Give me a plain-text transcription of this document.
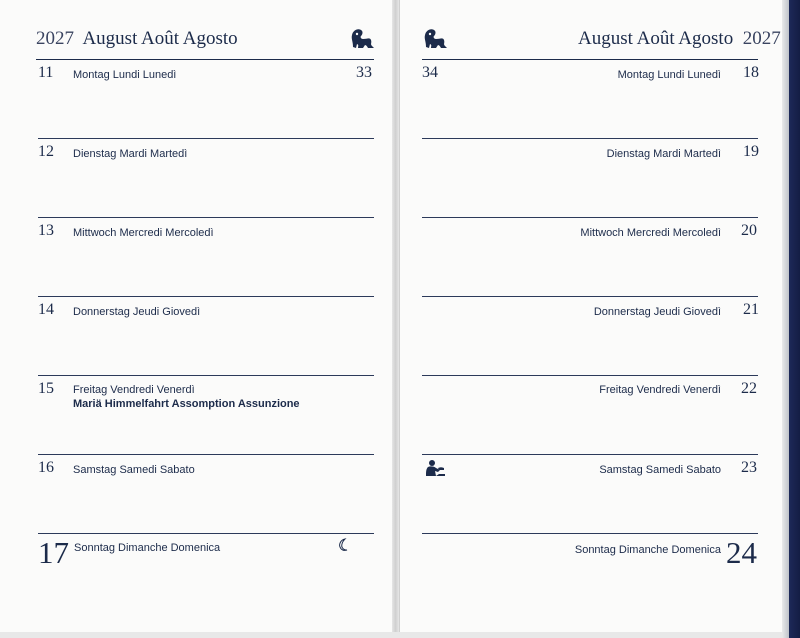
2027 August Août Agosto
33
11 Montag Lundi Lunedì
12 Dienstag Mardi Martedì
13 Mittwoch Mercredi Mercoledì
14 Donnerstag Jeudi Giovedì
15 Freitag Vendredi Venerdì
Mariä Himmelfahrt Assomption Assunzione
16 Samstag Samedi Sabato
17 Sonntag Dimanche Domenica
August Août Agosto 2027
34	Montag Lundi Lunedì 18
Dienstag Mardi Martedì 19
Mittwoch Mercredi Mercoledì 20
Donnerstag Jeudi Giovedì 21
Freitag Vendredi Venerdì 22
Samstag Samedi Sabato 23
Sonntag Dimanche Domenica 24
